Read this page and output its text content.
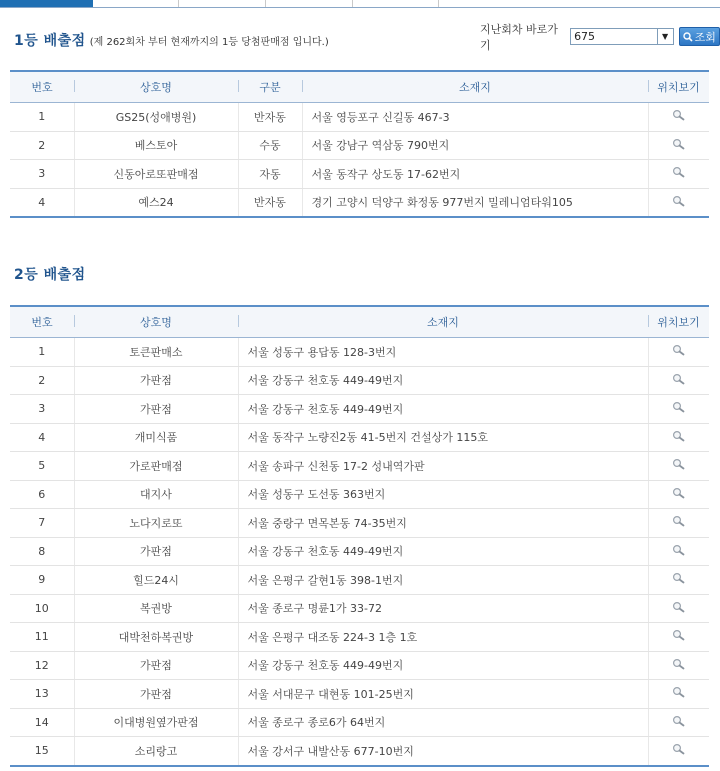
1등 배출점 (제 262회차 부터 현재까지의 1등 당첨판매점 입니다.)
지난회차 바로가기
675	▼	조회
번호	상호명	구분	소재지	위치보기
1	GS25(성애병원)	반자동	서울 영등포구 신길동 467-3	
2	베스토아	수동	서울 강남구 역삼동 790번지	
3	신동아로또판매점	자동	서울 동작구 상도동 17-62번지	
4	예스24	반자동	경기 고양시 덕양구 화정동 977번지 밀레니엄타워105	
2등 배출점
번호	상호명	소재지	위치보기
1	토큰판매소	서울 성동구 용답동 128-3번지	
2	가판점	서울 강동구 천호동 449-49번지	
3	가판점	서울 강동구 천호동 449-49번지	
4	개미식품	서울 동작구 노량진2동 41-5번지 건설상가 115호	
5	가로판매점	서울 송파구 신천동 17-2 성내역가판	
6	대지사	서울 성동구 도선동 363번지	
7	노다지로또	서울 중랑구 면목본동 74-35번지	
8	가판점	서울 강동구 천호동 449-49번지	
9	힐드24시	서울 은평구 갈현1동 398-1번지	
10	복권방	서울 종로구 명륜1가 33-72	
11	대박천하복권방	서울 은평구 대조동 224-3 1층 1호	
12	가판점	서울 강동구 천호동 449-49번지	
13	가판점	서울 서대문구 대현동 101-25번지	
14	이대병원옆가판점	서울 종로구 종로6가 64번지	
15	소리랑고	서울 강서구 내발산동 677-10번지	
